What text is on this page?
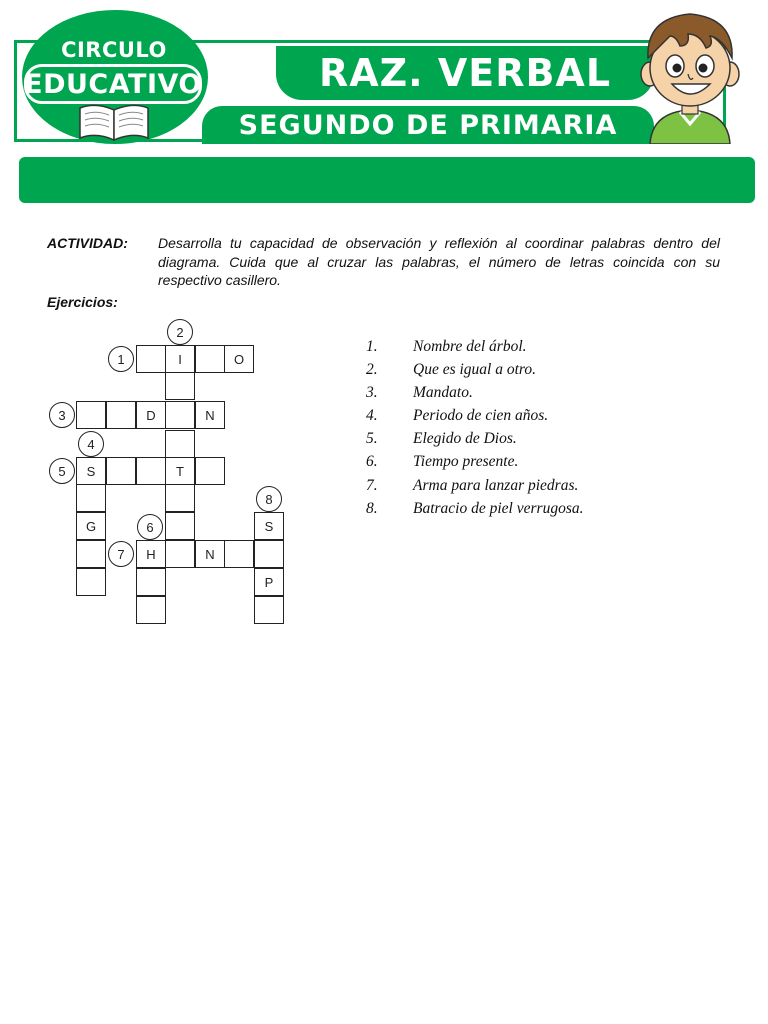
RAZ. VERBAL
SEGUNDO DE PRIMARIA
CIRCULO
EDUCATIVO
ACTIVIDAD: Desarrolla tu capacidad de observación y reflexión al coordinar palabras dentro del diagrama. Cuida que al cruzar las palabras, el número de letras coincida con su respectivo casillero.
Ejercicios:
I	O
D	N
S	T
G	S
P
H	N
2
1
3
4
5
8
6
7
1. Nombre del árbol.
2. Que es igual a otro.
3. Mandato.
4. Periodo de cien años.
5. Elegido de Dios.
6. Tiempo presente.
7. Arma para lanzar piedras.
8. Batracio de piel verrugosa.
